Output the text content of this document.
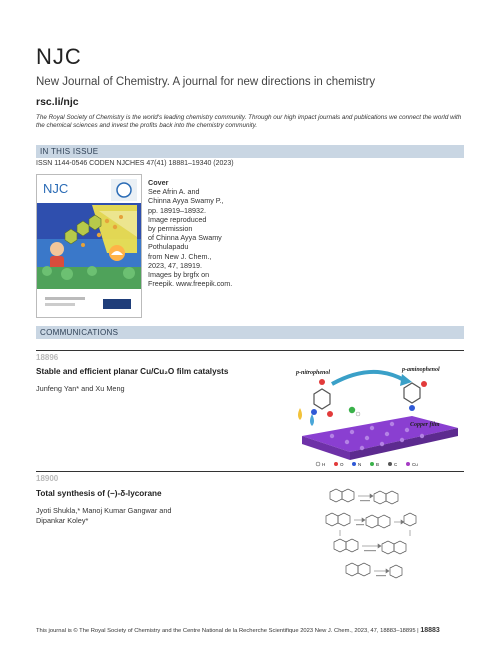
NJC
New Journal of Chemistry. A journal for new directions in chemistry
rsc.li/njc
The Royal Society of Chemistry is the world's leading chemistry community. Through our high impact journals and publications we connect the world with the chemical sciences and invest the profits back into the chemistry community.
IN THIS ISSUE
ISSN 1144-0546 CODEN NJCHES 47(41) 18881–19340 (2023)
NJC	Cover
See Afrin A. and
Chinna Ayya Swamy P.,
pp. 18919–18932.
Image reproduced
by permission
of Chinna Ayya Swamy
Pothulapadu
from New J. Chem.,
2023, 47, 18919.
Images by brgfx on
Freepik. www.freepik.com.
COMMUNICATIONS
18896
Stable and efficient planar Cu/Cu₂O film catalysts
Junfeng Yan* and Xu Meng
p-nitrophenol	p-aminophenol
Copper film
H	O	N	B	C	Cu
18900
Total synthesis of (−)-δ-lycorane
Jyoti Shukla,* Manoj Kumar Gangwar and
Dipankar Koley*
This journal is © The Royal Society of Chemistry and the Centre National de la Recherche Scientifique 2023 New J. Chem., 2023, 47, 18883–18895 | 18883
